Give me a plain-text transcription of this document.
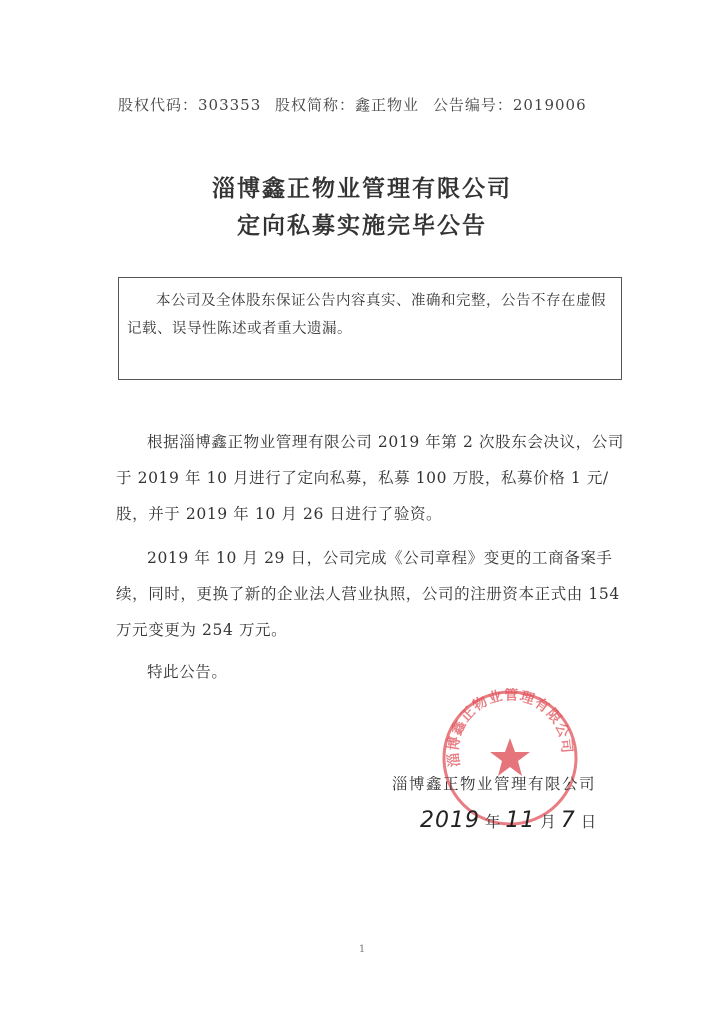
股权代码：303353 股权简称：鑫正物业 公告编号：2019006
淄博鑫正物业管理有限公司
定向私募实施完毕公告
本公司及全体股东保证公告内容真实、准确和完整，公告不存在虚假记载、误导性陈述或者重大遗漏。
根据淄博鑫正物业管理有限公司 2019 年第 2 次股东会决议，公司于 2019 年 10 月进行了定向私募，私募 100 万股，私募价格 1 元/股，并于 2019 年 10 月 26 日进行了验资。
2019 年 10 月 29 日，公司完成《公司章程》变更的工商备案手续，同时，更换了新的企业法人营业执照，公司的注册资本正式由 154 万元变更为 254 万元。
特此公告。
淄博鑫正物业管理有限公司
淄博鑫正物业管理有限公司
2019 年 11 月 7 日
1
